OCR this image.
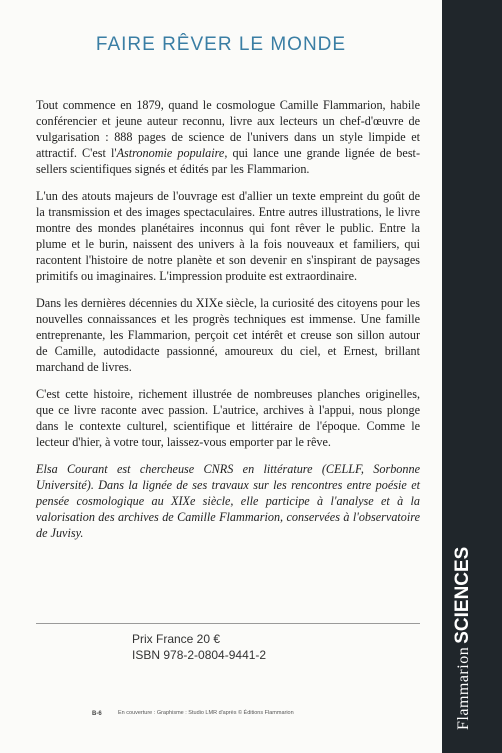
FAIRE RÊVER LE MONDE

Tout commence en 1879, quand le cosmologue Camille Flammarion, habile conférencier et jeune auteur reconnu, livre aux lecteurs un chef-d'œuvre de vulgarisation : 888 pages de science de l'univers dans un style limpide et attractif. C'est l'Astronomie populaire, qui lance une grande lignée de best-sellers scientifiques signés et édités par les Flammarion.

L'un des atouts majeurs de l'ouvrage est d'allier un texte empreint du goût de la transmission et des images spectaculaires. Entre autres illustrations, le livre montre des mondes planétaires inconnus qui font rêver le public. Entre la plume et le burin, naissent des univers à la fois nouveaux et familiers, qui racontent l'histoire de notre planète et son devenir en s'inspirant de paysages primitifs ou imaginaires. L'impression produite est extraordinaire.

Dans les dernières décennies du XIXe siècle, la curiosité des citoyens pour les nouvelles connaissances et les progrès techniques est immense. Une famille entreprenante, les Flammarion, perçoit cet intérêt et creuse son sillon autour de Camille, autodidacte passionné, amoureux du ciel, et Ernest, brillant marchand de livres.

C'est cette histoire, richement illustrée de nombreuses planches originelles, que ce livre raconte avec passion. L'autrice, archives à l'appui, nous plonge dans le contexte culturel, scientifique et littéraire de l'époque. Comme le lecteur d'hier, à votre tour, laissez-vous emporter par le rêve.

Elsa Courant est chercheuse CNRS en littérature (CELLF, Sorbonne Université). Dans la lignée de ses travaux sur les rencontres entre poésie et pensée cosmologique au XIXe siècle, elle participe à l'analyse et à la valorisation des archives de Camille Flammarion, conservées à l'observatoire de Juvisy.

Prix France 20 €
ISBN 978-2-0804-9441-2
B-6	En couverture : Graphisme : Studio LMR d'après © Éditions Flammarion	FlammarionSCIENCES
